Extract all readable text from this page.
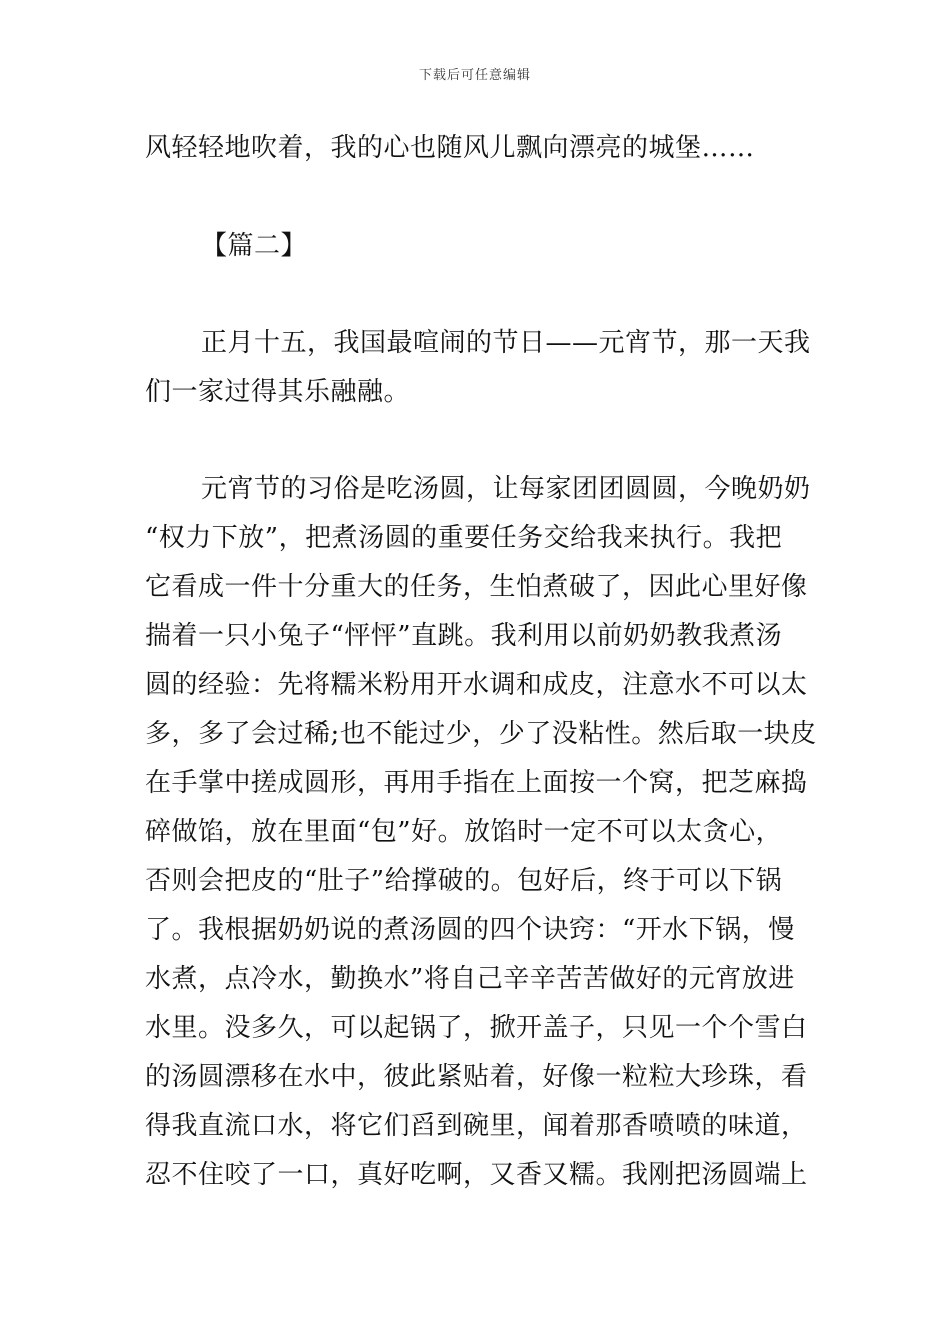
下载后可任意编辑
风轻轻地吹着，我的心也随风儿飘向漂亮的城堡……
【篇二】
正月十五，我国最喧闹的节日——元宵节，那一天我
们一家过得其乐融融。
元宵节的习俗是吃汤圆，让每家团团圆圆，今晚奶奶
“权力下放”，把煮汤圆的重要任务交给我来执行。我把
它看成一件十分重大的任务，生怕煮破了，因此心里好像
揣着一只小兔子“怦怦”直跳。我利用以前奶奶教我煮汤
圆的经验：先将糯米粉用开水调和成皮，注意水不可以太
多，多了会过稀;也不能过少，少了没粘性。然后取一块皮
在手掌中搓成圆形，再用手指在上面按一个窝，把芝麻捣
碎做馅，放在里面“包”好。放馅时一定不可以太贪心，
否则会把皮的“肚子”给撑破的。包好后，终于可以下锅
了。我根据奶奶说的煮汤圆的四个诀窍：“开水下锅，慢
水煮，点冷水，勤换水”将自己辛辛苦苦做好的元宵放进
水里。没多久，可以起锅了，掀开盖子，只见一个个雪白
的汤圆漂移在水中，彼此紧贴着，好像一粒粒大珍珠，看
得我直流口水，将它们舀到碗里，闻着那香喷喷的味道，
忍不住咬了一口，真好吃啊，又香又糯。我刚把汤圆端上
